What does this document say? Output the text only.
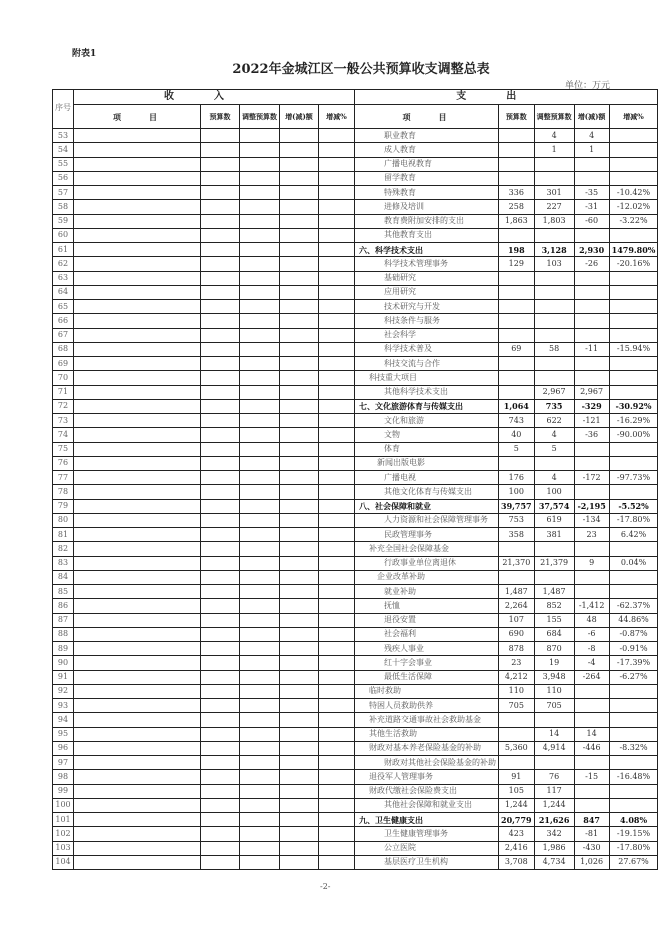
附表1
2022年金城江区一般公共预算收支调整总表
单位：万元
序号	收入					支出				
	项　　目	预算数	调整预算数	增(减)额	增减%	项　　目	预算数	调整预算数	增(减)额	增减%
53						职业教育		4	4	
54						成人教育		1	1	
55						广播电视教育				
56						留学教育				
57						特殊教育	336	301	-35	-10.42%
58						进修及培训	258	227	-31	-12.02%
59						教育费附加安排的支出	1,863	1,803	-60	-3.22%
60						其他教育支出				
61						六、科学技术支出	198	3,128	2,930	1479.80%
62						科学技术管理事务	129	103	-26	-20.16%
63						基础研究				
64						应用研究				
65						技术研究与开发				
66						科技条件与服务				
67						社会科学				
68						科学技术普及	69	58	-11	-15.94%
69						科技交流与合作				
70						科技重大项目				
71						其他科学技术支出		2,967	2,967	
72						七、文化旅游体育与传媒支出	1,064	735	-329	-30.92%
73						文化和旅游	743	622	-121	-16.29%
74						文物	40	4	-36	-90.00%
75						体育	5	5		
76						新闻出版电影				
77						广播电视	176	4	-172	-97.73%
78						其他文化体育与传媒支出	100	100		
79						八、社会保障和就业	39,757	37,574	-2,195	-5.52%
80						人力资源和社会保障管理事务	753	619	-134	-17.80%
81						民政管理事务	358	381	23	6.42%
82						补充全国社会保障基金				
83						行政事业单位离退休	21,370	21,379	9	0.04%
84						企业改革补助				
85						就业补助	1,487	1,487		
86						抚恤	2,264	852	-1,412	-62.37%
87						退役安置	107	155	48	44.86%
88						社会福利	690	684	-6	-0.87%
89						残疾人事业	878	870	-8	-0.91%
90						红十字会事业	23	19	-4	-17.39%
91						最低生活保障	4,212	3,948	-264	-6.27%
92						临时救助	110	110		
93						特困人员救助供养	705	705		
94						补充道路交通事故社会救助基金				
95						其他生活救助		14	14	
96						财政对基本养老保险基金的补助	5,360	4,914	-446	-8.32%
97						财政对其他社会保险基金的补助				
98						退役军人管理事务	91	76	-15	-16.48%
99						财政代缴社会保险费支出	105	117		
100						其他社会保障和就业支出	1,244	1,244		
101						九、卫生健康支出	20,779	21,626	847	4.08%
102						卫生健康管理事务	423	342	-81	-19.15%
103						公立医院	2,416	1,986	-430	-17.80%
104						基层医疗卫生机构	3,708	4,734	1,026	27.67%
-2-
